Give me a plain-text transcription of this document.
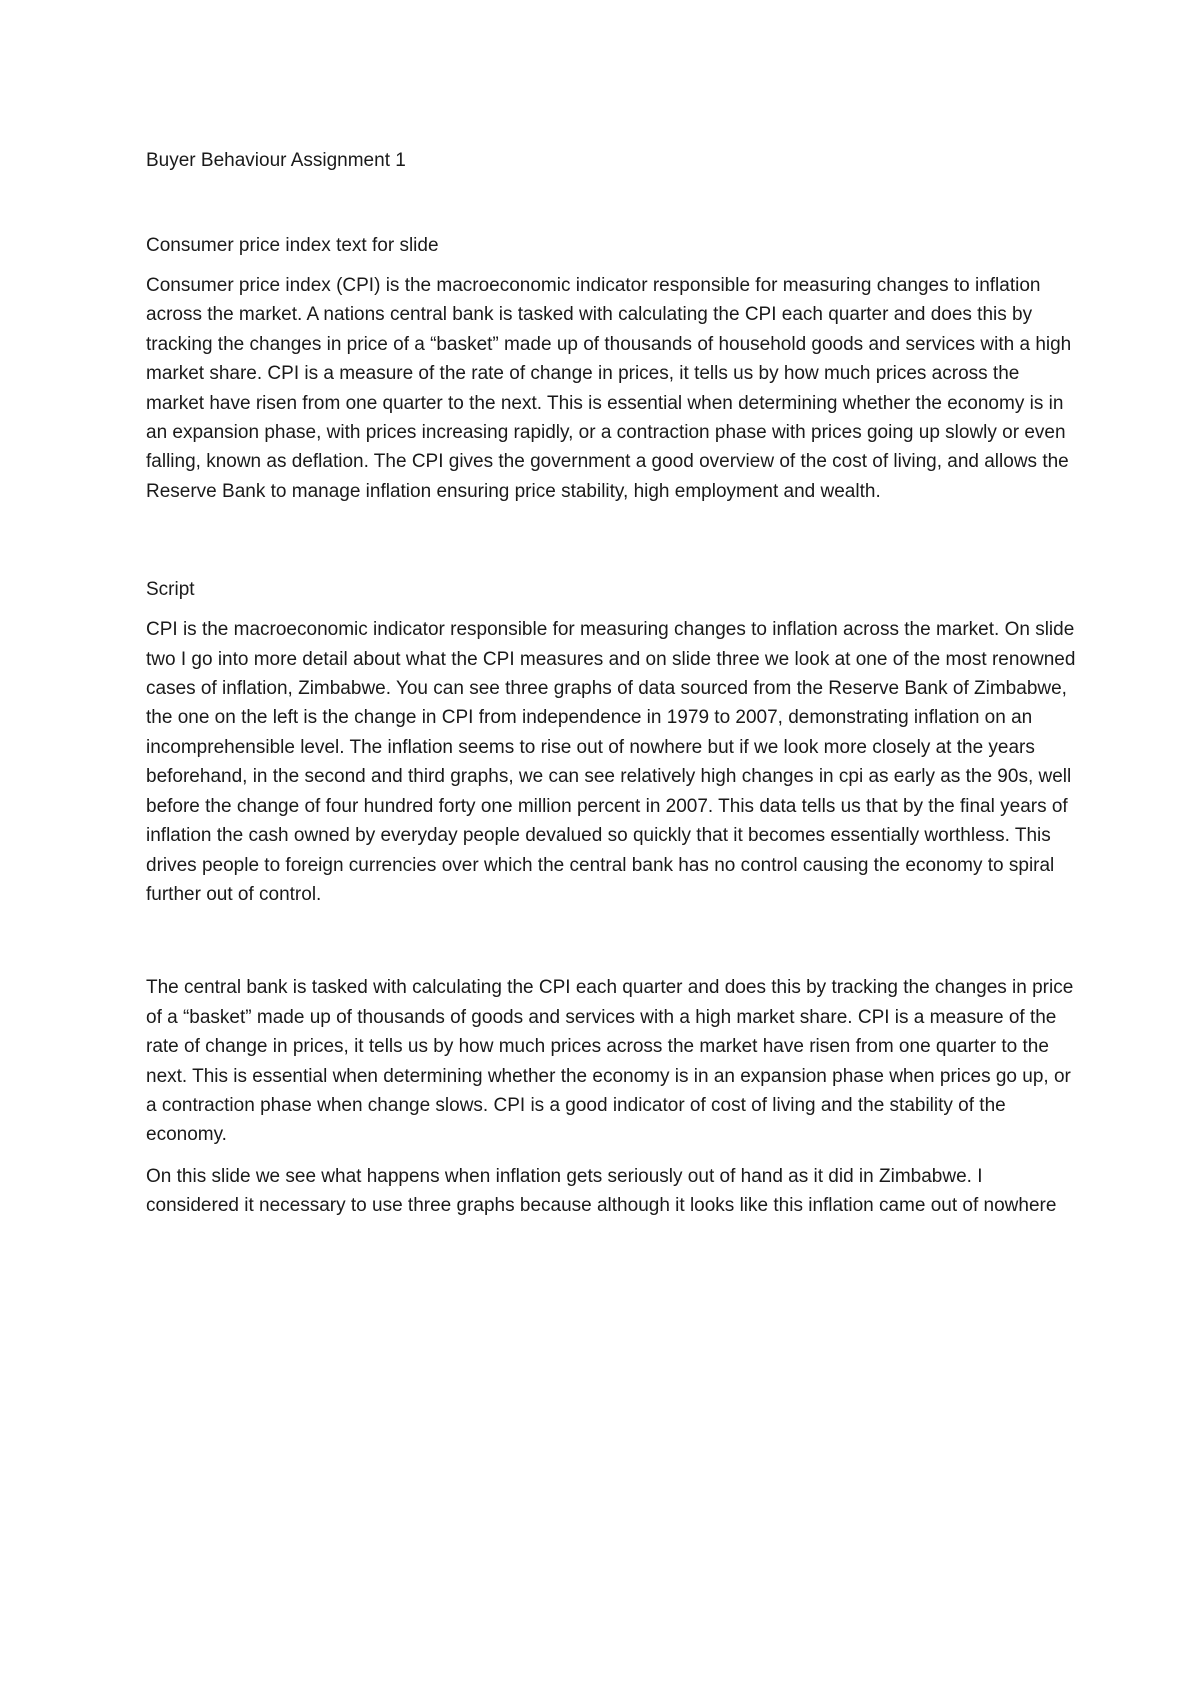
Buyer Behaviour Assignment 1

Consumer price index text for slide

Consumer price index (CPI) is the macroeconomic indicator responsible for measuring changes to inflation across the market. A nations central bank is tasked with calculating the CPI each quarter and does this by tracking the changes in price of a “basket” made up of thousands of household goods and services with a high market share. CPI is a measure of the rate of change in prices, it tells us by how much prices across the market have risen from one quarter to the next. This is essential when determining whether the economy is in an expansion phase, with prices increasing rapidly, or a contraction phase with prices going up slowly or even falling, known as deflation. The CPI gives the government a good overview of the cost of living, and allows the Reserve Bank to manage inflation ensuring price stability, high employment and wealth.

Script

CPI is the macroeconomic indicator responsible for measuring changes to inflation across the market. On slide two I go into more detail about what the CPI measures and on slide three we look at one of the most renowned cases of inflation, Zimbabwe. You can see three graphs of data sourced from the Reserve Bank of Zimbabwe, the one on the left is the change in CPI from independence in 1979 to 2007, demonstrating inflation on an incomprehensible level. The inflation seems to rise out of nowhere but if we look more closely at the years beforehand, in the second and third graphs, we can see relatively high changes in cpi as early as the 90s, well before the change of four hundred forty one million percent in 2007. This data tells us that by the final years of inflation the cash owned by everyday people devalued so quickly that it becomes essentially worthless. This drives people to foreign currencies over which the central bank has no control causing the economy to spiral further out of control.

The central bank is tasked with calculating the CPI each quarter and does this by tracking the changes in price of a “basket” made up of thousands of goods and services with a high market share. CPI is a measure of the rate of change in prices, it tells us by how much prices across the market have risen from one quarter to the next. This is essential when determining whether the economy is in an expansion phase when prices go up, or a contraction phase when change slows. CPI is a good indicator of cost of living and the stability of the economy.

On this slide we see what happens when inflation gets seriously out of hand as it did in Zimbabwe. I considered it necessary to use three graphs because although it looks like this inflation came out of nowhere
